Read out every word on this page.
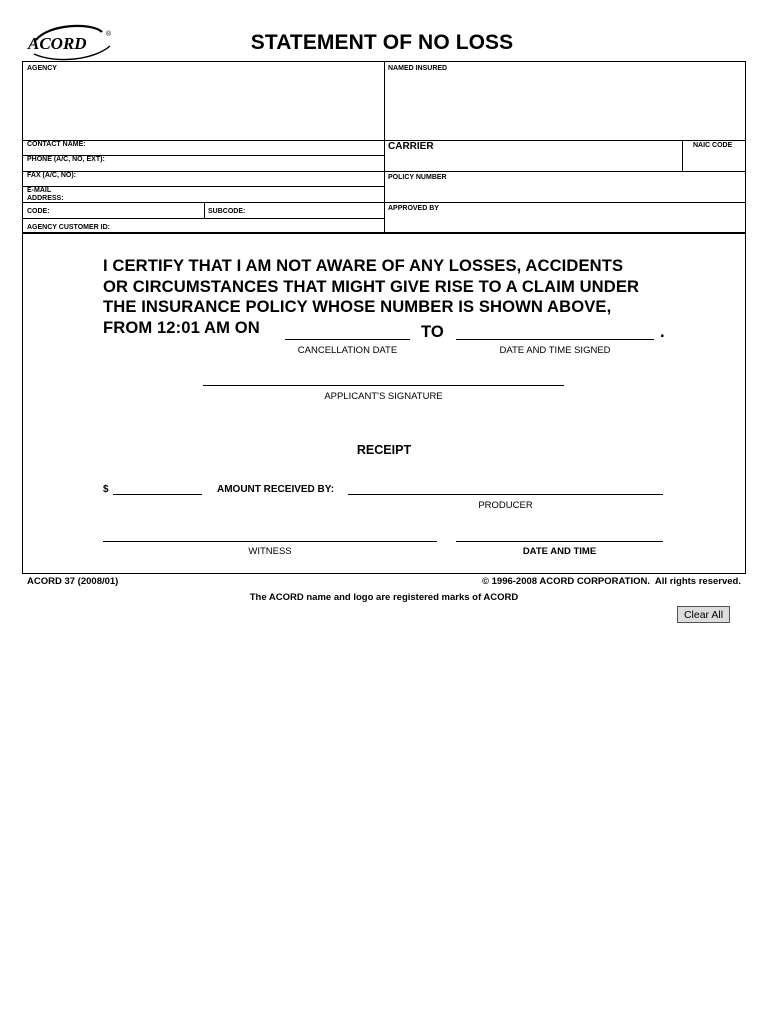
ACORD	®	STATEMENT OF NO LOSS
AGENCY	NAMED INSURED
CONTACT NAME:
PHONE (A/C, NO, EXT):
CARRIER	NAIC CODE
FAX (A/C, NO):
E-MAIL ADDRESS:
POLICY NUMBER
CODE:	SUBCODE:	APPROVED BY
AGENCY CUSTOMER ID:
I CERTIFY THAT I AM NOT AWARE OF ANY LOSSES, ACCIDENTS
OR CIRCUMSTANCES THAT MIGHT GIVE RISE TO A CLAIM UNDER
THE INSURANCE POLICY WHOSE NUMBER IS SHOWN ABOVE,
FROM 12:01 AM ON	TO	.
CANCELLATION DATE	DATE AND TIME SIGNED
APPLICANT'S SIGNATURE
RECEIPT
$	AMOUNT RECEIVED BY:
PRODUCER
WITNESS	DATE AND TIME
ACORD 37 (2008/01)	© 1996-2008 ACORD CORPORATION.  All rights reserved.
The ACORD name and logo are registered marks of ACORD
Clear All
